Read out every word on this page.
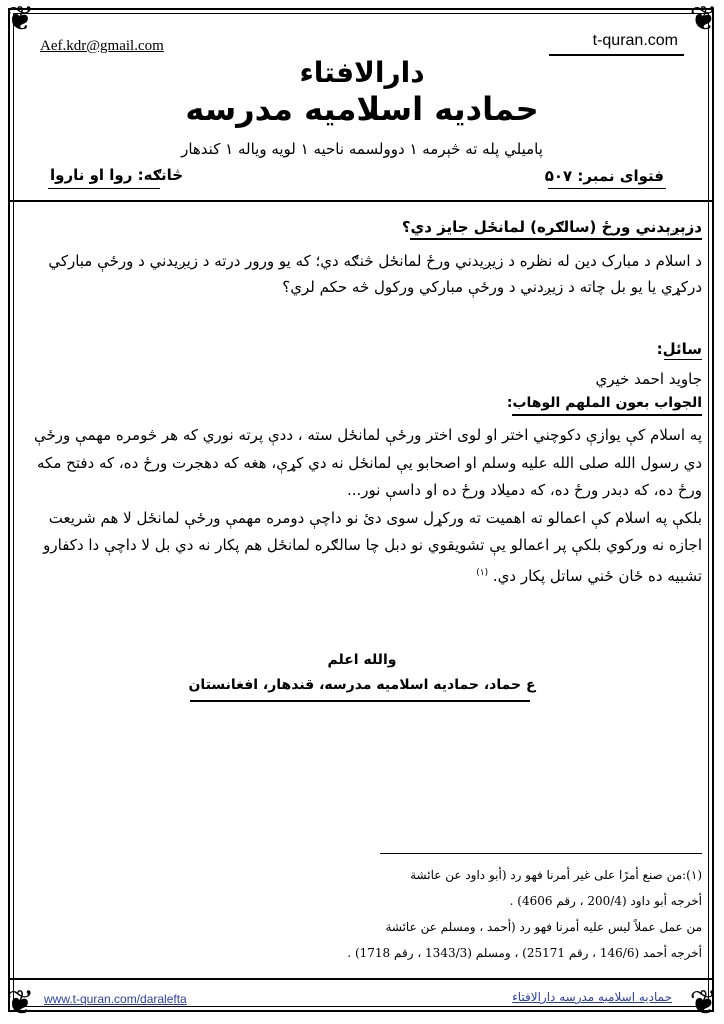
❦	❦
❦	❦
Aef.kdr@gmail.com	t-quran.com
دارالافتاء
حمادیه اسلامیه مدرسه
پامیلي پله ته څېرمه ۱ دوولسمه ناحیه ۱ لویه ویاله ۱ کندهار
فتوای نمبر: ۵۰۷
څانګه: روا او ناروا
دزېږېدني ورځ (سالګره) لمانځل جايز دي؟
د اسلام د مبارک دین له نظره د زیږیدني ورځ لمانځل څنګه دي؛ که یو ورور درته د زیږیدني د ورځې مبارکي درکړي یا یو بل چاته د زیږدني د ورځې مبارکي ورکول څه حکم لري؟
سائل:
جاوید احمد خیري
الجواب بعون الملهم الوهاب:
په اسلام کې یوازې دکوچني اختر او لوی اختر ورځې لمانځل سته ، ددې پرته نوري که هر څومره مهمې ورځې دي رسول الله صلی الله علیه وسلم او اصحابو یې لمانځل نه دي کړې، هغه که دهجرت ورځ ده، که دفتح مکه ورځ ده، که دبدر ورځ ده، که دمیلاد ورځ ده او داسې نور...
بلکې په اسلام کې اعمالو ته اهمیت ته ورکړل سوی دئ نو داچې دومره مهمې ورځې لمانځل لا هم شریعت اجازه نه ورکوي بلکې پر اعمالو یې تشویقوي نو دبل چا سالګره لمانځل هم پکار نه دي بل لا داچې دا دکفارو تشبیه ده ځان ځني ساتل پکار دي. $^{(۱)}$
والله اعلم
ع حماد، حمادیه اسلامیه مدرسه، قندهار، افغانستان
(١):من صنع أمرًا على غير أمرنا فهو رد (أبو داود عن عائشة
أخرجه أبو داود (200/4 ، رقم 4606) .
من عمل عملاً ليس عليه أمرنا فهو رد (أحمد ، ومسلم عن عائشة
أخرجه أحمد (146/6 ، رقم 25171) ، ومسلم (1343/3 ، رقم 1718) .
www.t-quran.com/daralefta	حمادیه اسلامیه مدرسه دارالافتاء
